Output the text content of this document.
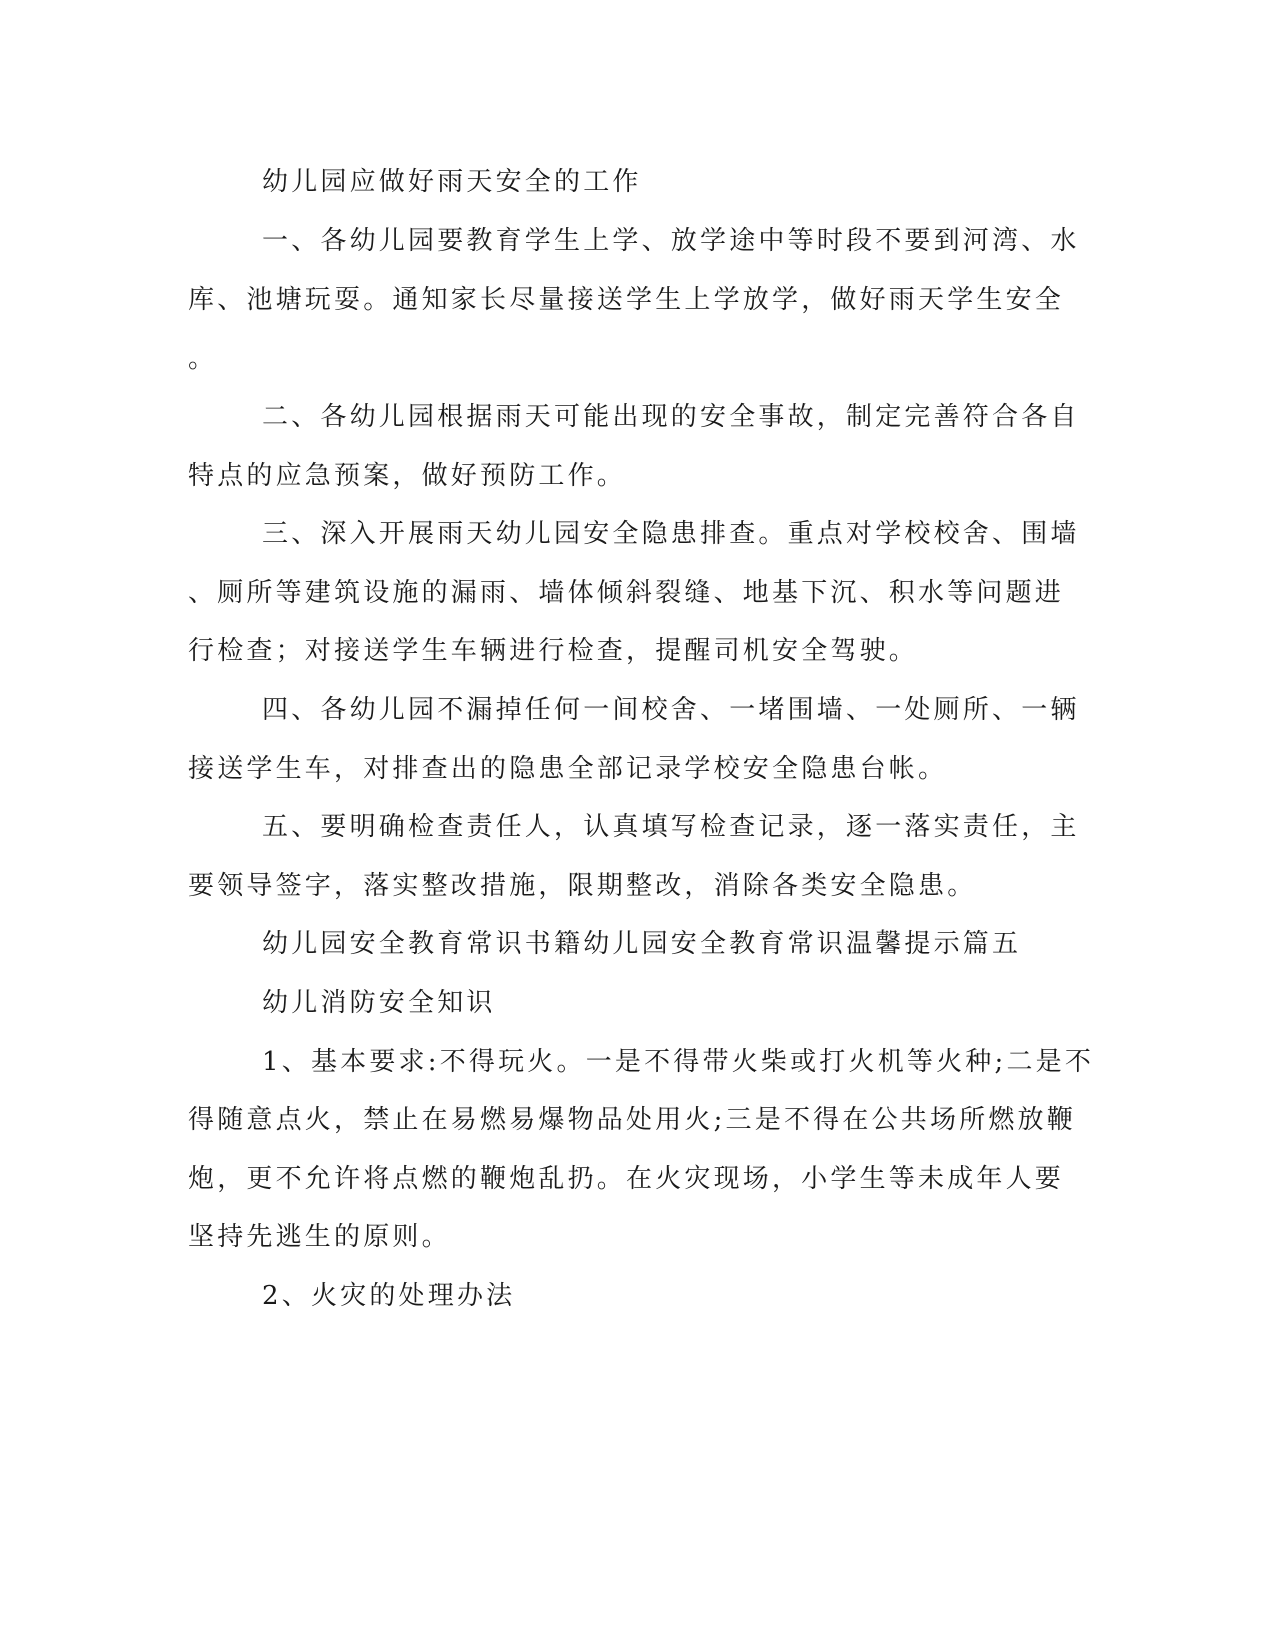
幼儿园应做好雨天安全的工作

一、各幼儿园要教育学生上学、放学途中等时段不要到河湾、水

库、池塘玩耍。通知家长尽量接送学生上学放学，做好雨天学生安全

。

二、各幼儿园根据雨天可能出现的安全事故，制定完善符合各自

特点的应急预案，做好预防工作。

三、深入开展雨天幼儿园安全隐患排查。重点对学校校舍、围墙

、厕所等建筑设施的漏雨、墙体倾斜裂缝、地基下沉、积水等问题进

行检查；对接送学生车辆进行检查，提醒司机安全驾驶。

四、各幼儿园不漏掉任何一间校舍、一堵围墙、一处厕所、一辆

接送学生车，对排查出的隐患全部记录学校安全隐患台帐。

五、要明确检查责任人，认真填写检查记录，逐一落实责任，主

要领导签字，落实整改措施，限期整改，消除各类安全隐患。

幼儿园安全教育常识书籍幼儿园安全教育常识温馨提示篇五

幼儿消防安全知识

1、基本要求:不得玩火。一是不得带火柴或打火机等火种;二是不

得随意点火，禁止在易燃易爆物品处用火;三是不得在公共场所燃放鞭

炮，更不允许将点燃的鞭炮乱扔。在火灾现场，小学生等未成年人要

坚持先逃生的原则。

2、火灾的处理办法
